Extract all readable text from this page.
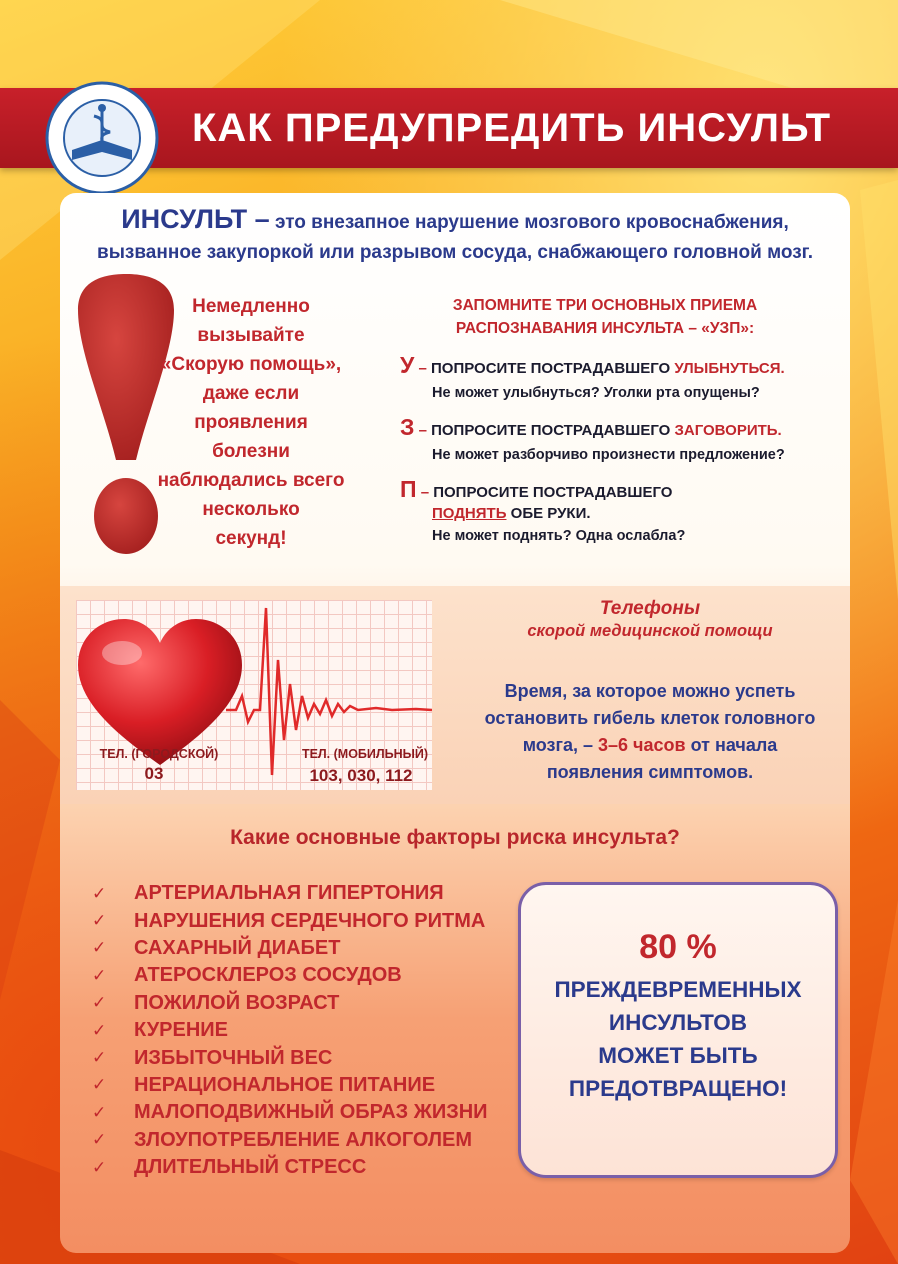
КАК ПРЕДУПРЕДИТЬ ИНСУЛЬТ
ИНСУЛЬТ – это внезапное нарушение мозгового кровоснабжения, вызванное закупоркой или разрывом сосуда, снабжающего головной мозг.
Немедленно
вызывайте
«Скорую помощь»,
даже если
проявления
болезни
наблюдались всего
несколько
секунд!
ЗАПОМНИТЕ ТРИ ОСНОВНЫХ ПРИЕМА
РАСПОЗНАВАНИЯ ИНСУЛЬТА – «УЗП»:
У – ПОПРОСИТЕ ПОСТРАДАВШЕГО УЛЫБНУТЬСЯ.
Не может улыбнуться? Уголки рта опущены?
З – ПОПРОСИТЕ ПОСТРАДАВШЕГО ЗАГОВОРИТЬ.
Не может разборчиво произнести предложение?
П – ПОПРОСИТЕ ПОСТРАДАВШЕГО
ПОДНЯТЬ ОБЕ РУКИ.
Не может поднять? Одна ослабла?
ТЕЛ. (ГОРОДСКОЙ)
03
ТЕЛ. (МОБИЛЬНЫЙ)
103, 030, 112
Телефоны
скорой медицинской помощи
Время, за которое можно успеть
остановить гибель клеток головного
мозга, – 3–6 часов от начала
появления симптомов.
Какие основные факторы риска инсульта?
✓	АРТЕРИАЛЬНАЯ ГИПЕРТОНИЯ
✓	НАРУШЕНИЯ СЕРДЕЧНОГО РИТМА
✓	САХАРНЫЙ ДИАБЕТ
✓	АТЕРОСКЛЕРОЗ СОСУДОВ
✓	ПОЖИЛОЙ ВОЗРАСТ
✓	КУРЕНИЕ
✓	ИЗБЫТОЧНЫЙ ВЕС
✓	НЕРАЦИОНАЛЬНОЕ ПИТАНИЕ
✓	МАЛОПОДВИЖНЫЙ ОБРАЗ ЖИЗНИ
✓	ЗЛОУПОТРЕБЛЕНИЕ АЛКОГОЛЕМ
✓	ДЛИТЕЛЬНЫЙ СТРЕСС
80 %
ПРЕЖДЕВРЕМЕННЫХ
ИНСУЛЬТОВ
МОЖЕТ БЫТЬ
ПРЕДОТВРАЩЕНО!
